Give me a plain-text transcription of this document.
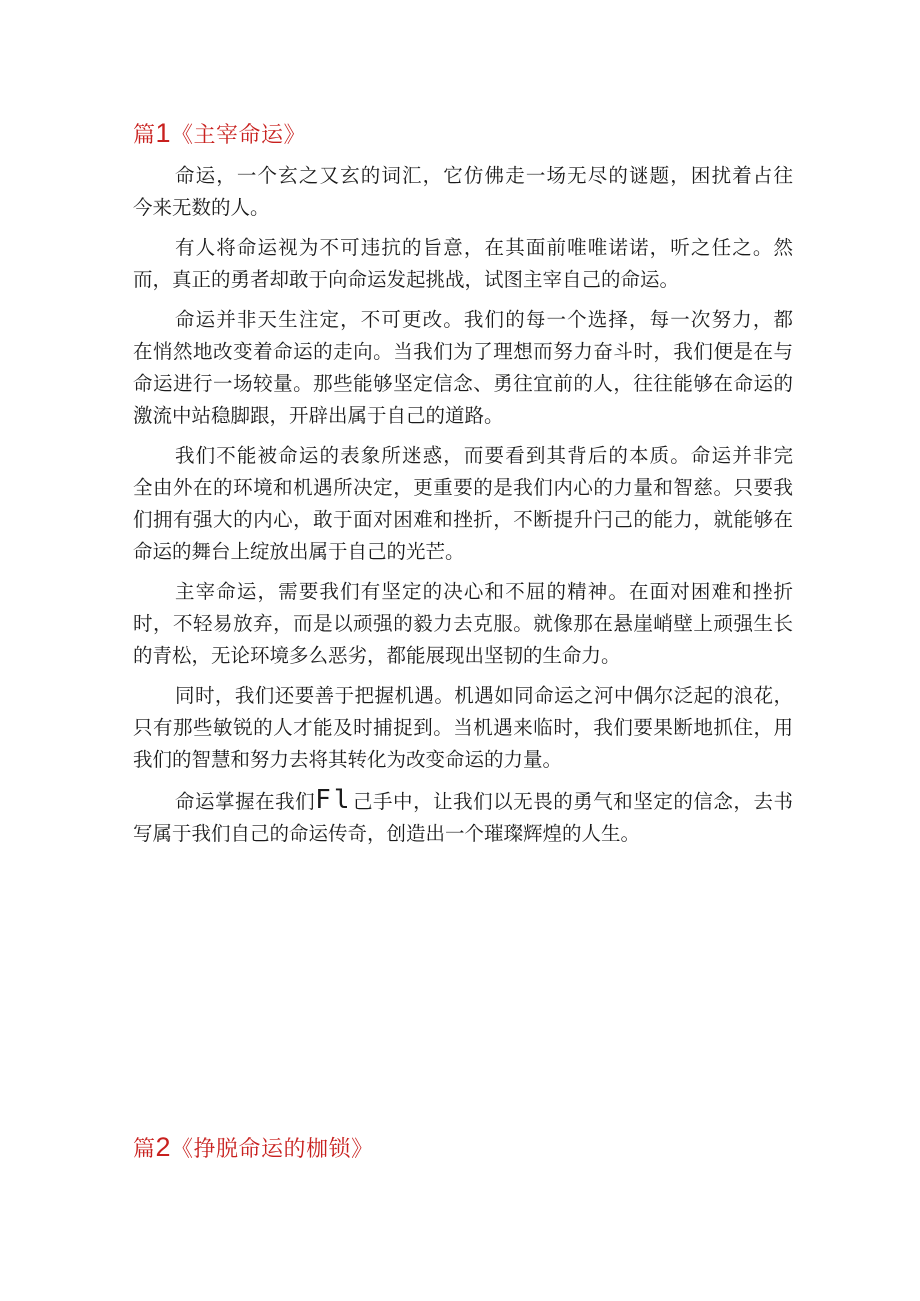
篇1《主宰命运》
命运，一个玄之又玄的词汇，它仿佛走一场无尽的谜题，困扰着占往
今来无数的人。
有人将命运视为不可违抗的旨意，在其面前唯唯诺诺，听之任之。然
而，真正的勇者却敢于向命运发起挑战，试图主宰自己的命运。
命运并非天生注定，不可更改。我们的每一个选择，每一次努力，都
在悄然地改变着命运的走向。当我们为了理想而努力奋斗时，我们便是在与
命运进行一场较量。那些能够坚定信念、勇往宜前的人，往往能够在命运的
激流中站稳脚跟，开辟出属于自己的道路。
我们不能被命运的表象所迷惑，而要看到其背后的本质。命运并非完
全由外在的环境和机遇所决定，更重要的是我们内心的力量和智慈。只要我
们拥有强大的内心，敢于面对困难和挫折，不断提升闩己的能力，就能够在
命运的舞台上绽放出属于自己的光芒。
主宰命运，需要我们有坚定的决心和不屈的精神。在面对困难和挫折
时，不轻易放弃，而是以顽强的毅力去克服。就像那在悬崖峭壁上顽强生长
的青松，无论环境多么恶劣，都能展现出坚韧的生命力。
同时，我们还要善于把握机遇。机遇如同命运之河中偶尔泛起的浪花，
只有那些敏锐的人才能及时捕捉到。当机遇来临时，我们要果断地抓住，用
我们的智慧和努力去将其转化为改变命运的力量。
命运掌握在我们Fl己手中，让我们以无畏的勇气和坚定的信念，去书
写属于我们自己的命运传奇，创造出一个璀璨辉煌的人生。
篇2《挣脱命运的枷锁》
